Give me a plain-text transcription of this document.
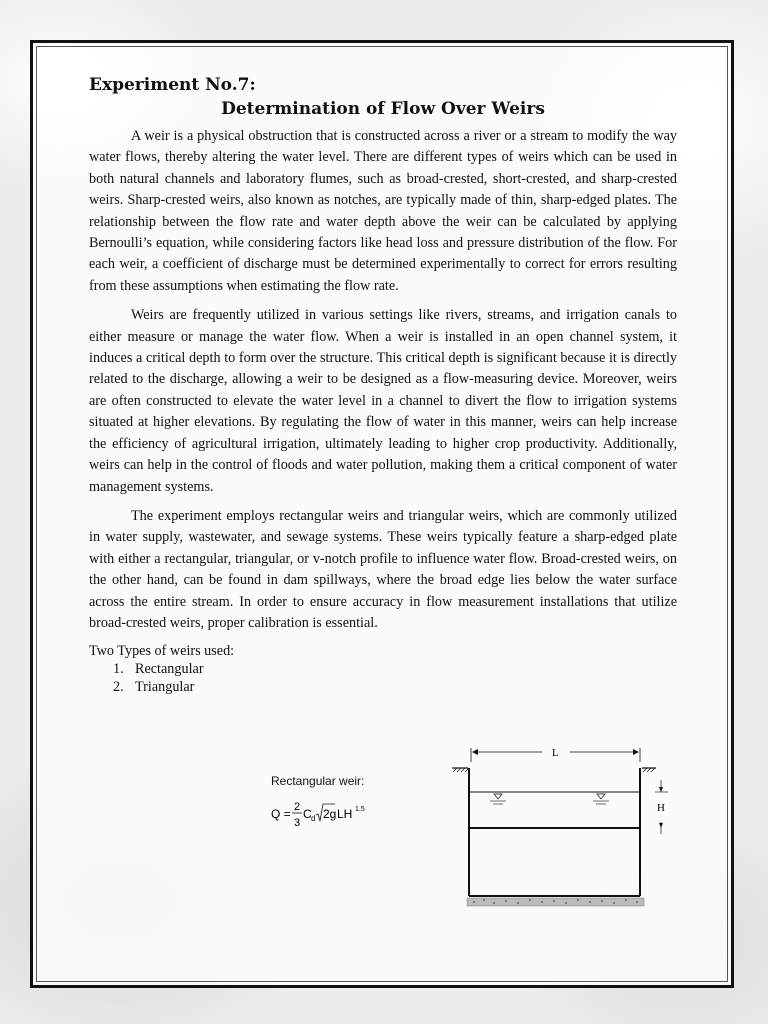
Experiment No.7:
Determination of Flow Over Weirs

A weir is a physical obstruction that is constructed across a river or a stream to modify the way water flows, thereby altering the water level. There are different types of weirs which can be used in both natural channels and laboratory flumes, such as broad-crested, short-crested, and sharp-crested weirs. Sharp-crested weirs, also known as notches, are typically made of thin, sharp-edged plates. The relationship between the flow rate and water depth above the weir can be calculated by applying Bernoulli’s equation, while considering factors like head loss and pressure distribution of the flow. For each weir, a coefficient of discharge must be determined experimentally to correct for errors resulting from these assumptions when estimating the flow rate.

Weirs are frequently utilized in various settings like rivers, streams, and irrigation canals to either measure or manage the water flow. When a weir is installed in an open channel system, it induces a critical depth to form over the structure. This critical depth is significant because it is directly related to the discharge, allowing a weir to be designed as a flow-measuring device. Moreover, weirs are often constructed to elevate the water level in a channel to divert the flow to irrigation systems situated at higher elevations. By regulating the flow of water in this manner, weirs can help increase the efficiency of agricultural irrigation, ultimately leading to higher crop productivity. Additionally, weirs can help in the control of floods and water pollution, making them a critical component of water management systems.

The experiment employs rectangular weirs and triangular weirs, which are commonly utilized in water supply, wastewater, and sewage systems. These weirs typically feature a sharp-edged plate with either a rectangular, triangular, or v-notch profile to influence water flow. Broad-crested weirs, on the other hand, can be found in dam spillways, where the broad edge lies below the water surface across the entire stream. In order to ensure accuracy in flow measurement installations that utilize broad-crested weirs, proper calibration is essential.

Two Types of weirs used:

1. Rectangular
2. Triangular
Rectangular weir:
Q = 2
3
C d 2g LH 1.5
L
H
